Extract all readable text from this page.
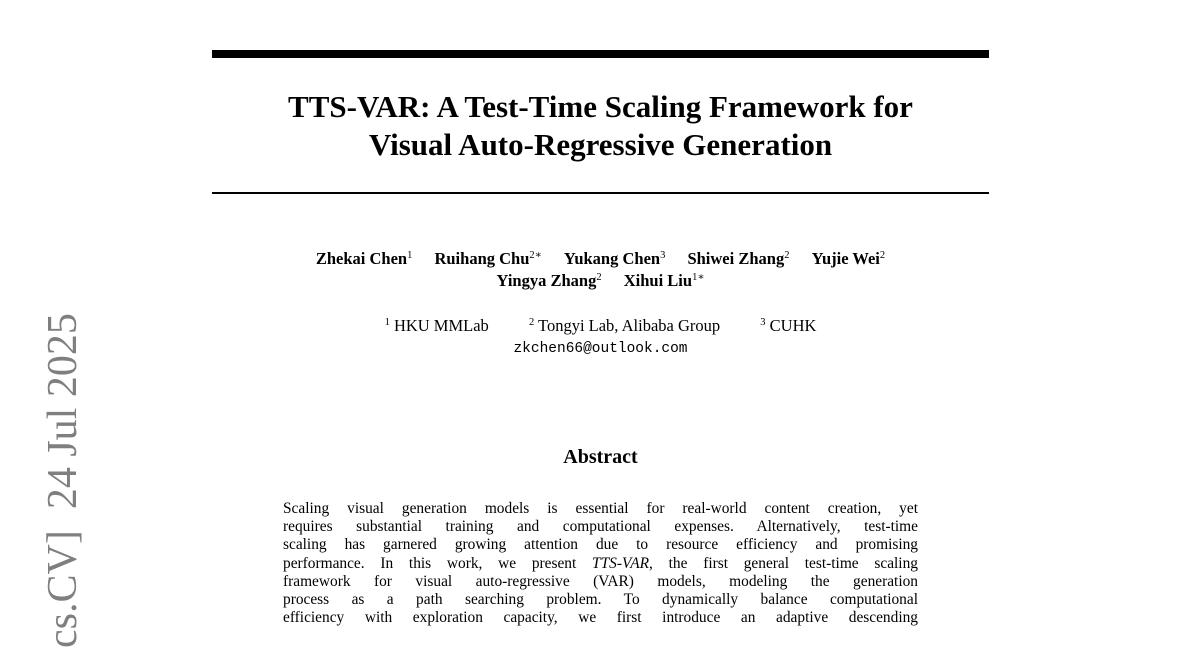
TTS-VAR: A Test-Time Scaling Framework for
Visual Auto-Regressive Generation
Zhekai Chen$^1$ Ruihang Chu$^{2∗}$ Yukang Chen$^3$ Shiwei Zhang$^2$ Yujie Wei$^2$
Yingya Zhang$^2$ Xihui Liu$^{1∗}$
$^1$ HKU MMLab	$^2$ Tongyi Lab, Alibaba Group	$^3$ CUHK
zkchen66@outlook.com
Abstract
Scaling visual generation models is essential for real-world content creation, yet
requires substantial training and computational expenses. Alternatively, test-time
scaling has garnered growing attention due to resource efficiency and promising
performance. In this work, we present TTS-VAR, the first general test-time scaling
framework for visual auto-regressive (VAR) models, modeling the generation
process as a path searching problem. To dynamically balance computational
efficiency with exploration capacity, we first introduce an adaptive descending
cs.CV]  24 Jul 2025
